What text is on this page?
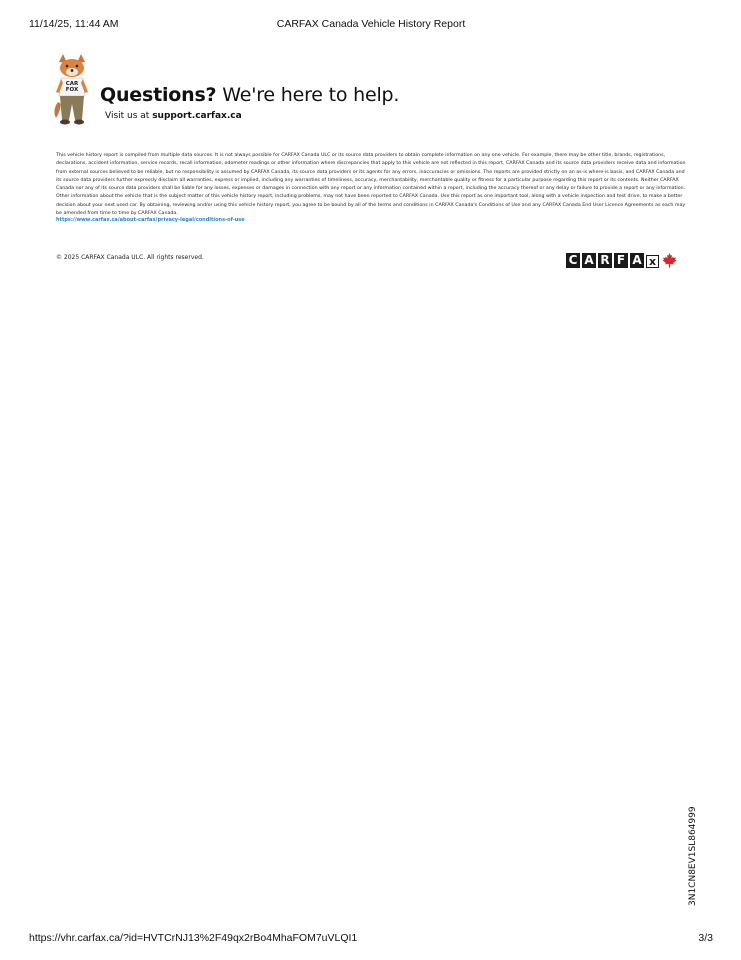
11/14/25, 11:44 AM	CARFAX Canada Vehicle History Report
CAR
FOX Questions? We're here to help.
Visit us at support.carfax.ca

This vehicle history report is compiled from multiple data sources. It is not always possible for CARFAX Canada ULC or its source data providers to obtain complete information on any one vehicle. For example, there may be other title, brands, registrations, declarations, accident information, service records, recall information, odometer readings or other information where discrepancies that apply to this vehicle are not reflected in this report. CARFAX Canada and its source data providers receive data and information from external sources believed to be reliable, but no responsibility is assumed by CARFAX Canada, its source data providers or its agents for any errors, inaccuracies or omissions. The reports are provided strictly on an as-is where-is basis, and CARFAX Canada and its source data providers further expressly disclaim all warranties, express or implied, including any warranties of timeliness, accuracy, merchantability, merchantable quality or fitness for a particular purpose regarding this report or its contents. Neither CARFAX Canada nor any of its source data providers shall be liable for any losses, expenses or damages in connection with any report or any information contained within a report, including the accuracy thereof or any delay or failure to provide a report or any information. Other information about the vehicle that is the subject matter of this vehicle history report, including problems, may not have been reported to CARFAX Canada. Use this report as one important tool, along with a vehicle inspection and test drive, to make a better decision about your next used car. By obtaining, reviewing and/or using this vehicle history report, you agree to be bound by all of the terms and conditions in CARFAX Canada's Conditions of Use and any CARFAX Canada End User Licence Agreements as each may be amended from time to time by CARFAX Canada.

https://www.carfax.ca/about-carfax/privacy-legal/conditions-of-use
© 2025 CARFAX Canada ULC. All rights reserved.	C A R F A x
3N1CN8EV1SL864999
https://vhr.carfax.ca/?id=HVTCrNJ13%2F49qx2rBo4MhaFOM7uVLQI1	3/3
